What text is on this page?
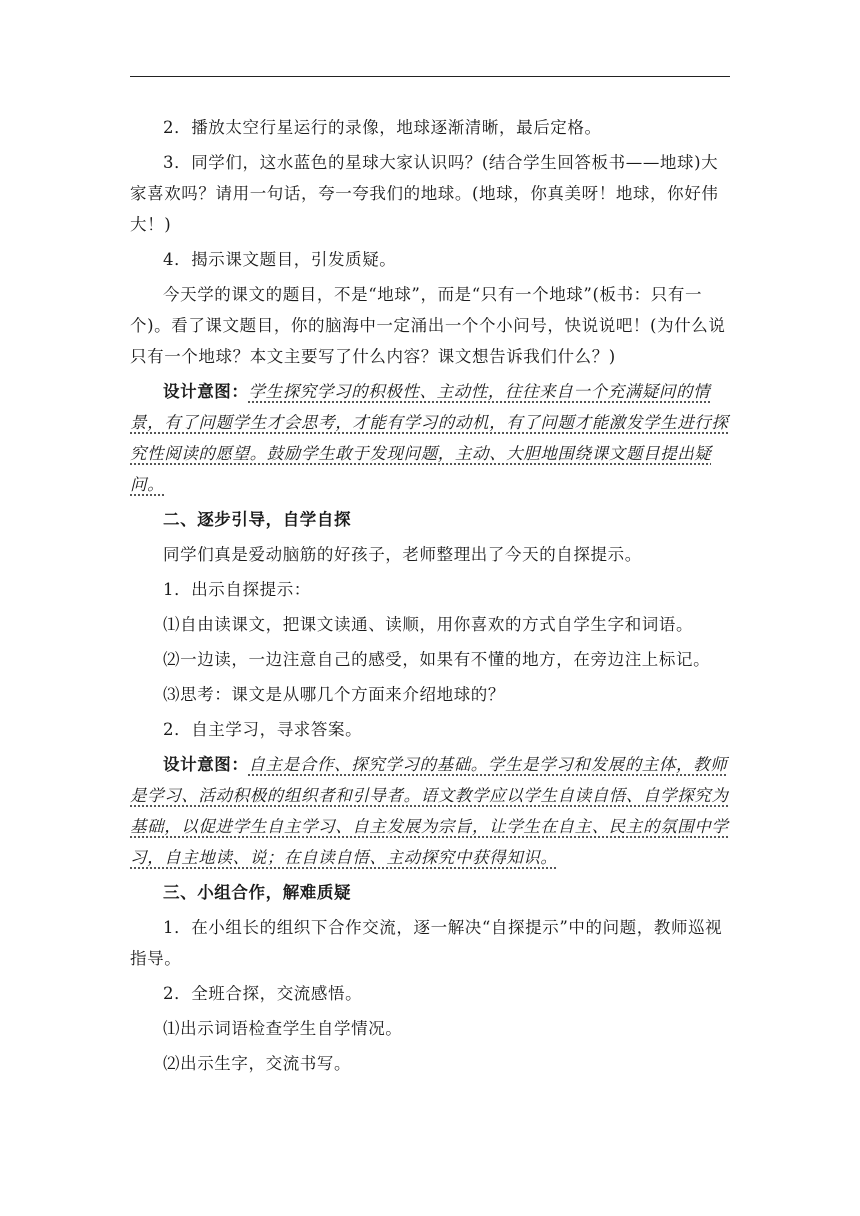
2．播放太空行星运行的录像，地球逐渐清晰，最后定格。

3．同学们，这水蓝色的星球大家认识吗？(结合学生回答板书——地球)大家喜欢吗？请用一句话，夸一夸我们的地球。(地球，你真美呀！地球，你好伟大！)

4．揭示课文题目，引发质疑。

今天学的课文的题目，不是“地球”，而是“只有一个地球”(板书：只有一个)。看了课文题目，你的脑海中一定涌出一个个小问号，快说说吧！(为什么说只有一个地球？本文主要写了什么内容？课文想告诉我们什么？)

设计意图：学生探究学习的积极性、主动性，往往来自一个充满疑问的情景，有了问题学生才会思考，才能有学习的动机，有了问题才能激发学生进行探究性阅读的愿望。鼓励学生敢于发现问题，主动、大胆地围绕课文题目提出疑问。

二、逐步引导，自学自探

同学们真是爱动脑筋的好孩子，老师整理出了今天的自探提示。

1．出示自探提示：

⑴自由读课文，把课文读通、读顺，用你喜欢的方式自学生字和词语。

⑵一边读，一边注意自己的感受，如果有不懂的地方，在旁边注上标记。

⑶思考：课文是从哪几个方面来介绍地球的？

2．自主学习，寻求答案。

设计意图：自主是合作、探究学习的基础。学生是学习和发展的主体，教师是学习、活动积极的组织者和引导者。语文教学应以学生自读自悟、自学探究为基础，以促进学生自主学习、自主发展为宗旨，让学生在自主、民主的氛围中学习，自主地读、说；在自读自悟、主动探究中获得知识。

三、小组合作，解难质疑

1．在小组长的组织下合作交流，逐一解决“自探提示”中的问题，教师巡视指导。

2．全班合探，交流感悟。

⑴出示词语检查学生自学情况。

⑵出示生字，交流书写。
